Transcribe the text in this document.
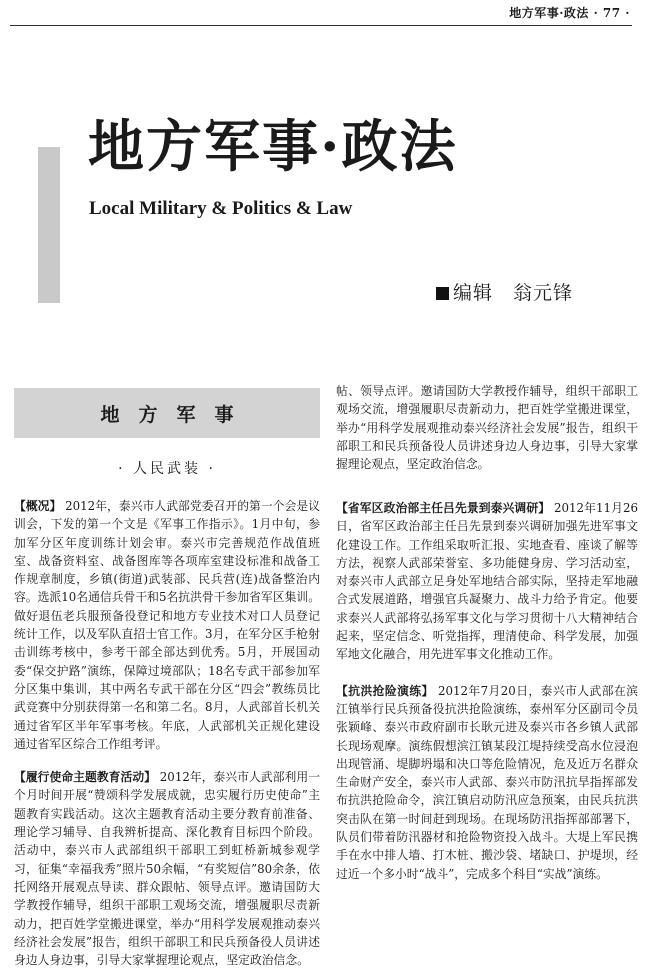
地方军事·政法 · 77 ·
地方军事·政法

Local Military & Politics & Law

编辑 翁元锋

地方军事
· 人民武装 ·

【概况】 2012年，泰兴市人武部党委召开的第一个会是议训会，下发的第一个文是《军事工作指示》。1月中旬，参加军分区年度训练计划会审。泰兴市完善规范作战值班室、战备资料室、战备图库等各项库室建设标准和战备工作规章制度，乡镇(街道)武装部、民兵营(连)战备整治内容。选派10名通信兵骨干和5名抗洪骨干参加省军区集训。做好退伍老兵服预备役登记和地方专业技术对口人员登记统计工作，以及军队直招士官工作。3月，在军分区手枪射击训练考核中，参考干部全部达到优秀。5月，开展国动委“保交护路”演练，保障过境部队；18名专武干部参加军分区集中集训，其中两名专武干部在分区“四会”教练员比武竞赛中分别获得第一名和第二名。8月，人武部首长机关通过省军区半年军事考核。年底，人武部机关正规化建设通过省军区综合工作组考评。

【履行使命主题教育活动】 2012年，泰兴市人武部利用一个月时间开展“赞颂科学发展成就，忠实履行历史使命”主题教育实践活动。这次主题教育活动主要分教育前准备、理论学习辅导、自我辨析提高、深化教育目标四个阶段。活动中，泰兴市人武部组织干部职工到虹桥新城参观学习，征集“幸福我秀”照片50余幅，“有奖短信”80余条，依托网络开展观点导读、群众跟帖、领导点评。邀请国防大学教授作辅导，组织干部职工观场交流，增强履职尽责新动力，把百姓学堂搬进课堂，举办“用科学发展观推动泰兴经济社会发展”报告，组织干部职工和民兵预备役人员讲述身边人身边事，引导大家掌握理论观点，坚定政治信念。

帖、领导点评。邀请国防大学教授作辅导，组织干部职工观场交流，增强履职尽责新动力，把百姓学堂搬进课堂，举办“用科学发展观推动泰兴经济社会发展”报告，组织干部职工和民兵预备役人员讲述身边人身边事，引导大家掌握理论观点，坚定政治信念。

【省军区政治部主任吕先景到泰兴调研】 2012年11月26日，省军区政治部主任吕先景到泰兴调研加强先进军事文化建设工作。工作组采取听汇报、实地查看、座谈了解等方法，视察人武部荣誉室、多功能健身房、学习活动室，对泰兴市人武部立足身处军地结合部实际，坚持走军地融合式发展道路，增强官兵凝聚力、战斗力给予肯定。他要求泰兴人武部将弘扬军事文化与学习贯彻十八大精神结合起来，坚定信念、听党指挥，理清使命、科学发展，加强军地文化融合，用先进军事文化推动工作。

【抗洪抢险演练】 2012年7月20日，泰兴市人武部在滨江镇举行民兵预备役抗洪抢险演练，泰州军分区副司令员张颖峰、泰兴市政府副市长耿元进及泰兴市各乡镇人武部长现场观摩。演练假想滨江镇某段江堤持续受高水位浸泡出现管涌、堤脚坍塌和决口等危险情况，危及近万名群众生命财产安全，泰兴市人武部、泰兴市防汛抗旱指挥部发布抗洪抢险命令，滨江镇启动防汛应急预案，由民兵抗洪突击队在第一时间赶到现场。在现场防汛指挥部部署下，队员们带着防汛器材和抢险物资投入战斗。大堤上军民携手在水中排人墙、打木桩、搬沙袋、堵缺口、护堤坝，经过近一个多小时“战斗”，完成多个科目“实战”演练。
